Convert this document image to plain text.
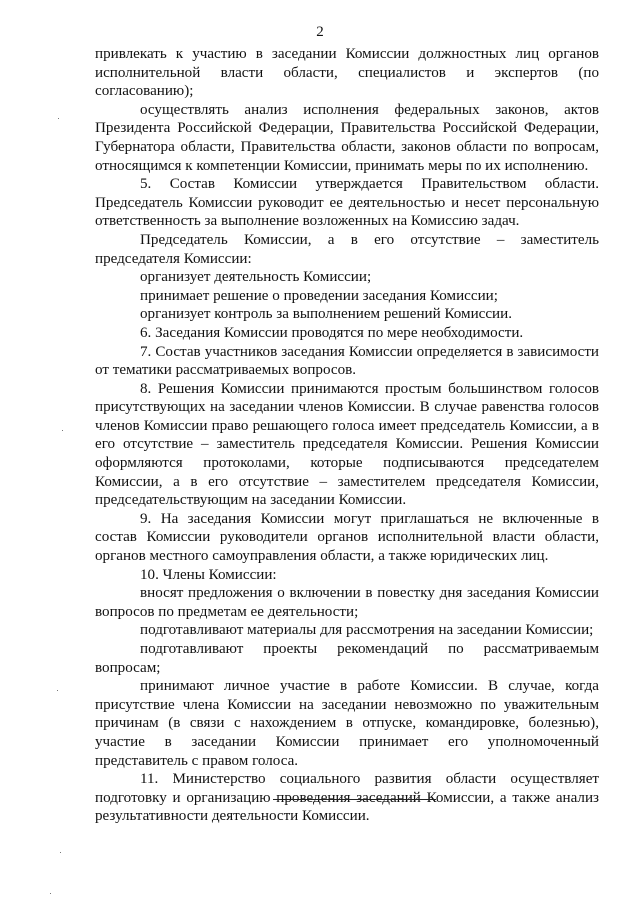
2

привлекать к участию в заседании Комиссии должностных лиц органов исполнительной власти области, специалистов и экспертов (по согласованию);

осуществлять анализ исполнения федеральных законов, актов Президента Российской Федерации, Правительства Российской Федерации, Губернатора области, Правительства области, законов области по вопросам, относящимся к компетенции Комиссии, принимать меры по их исполнению.

5. Состав Комиссии утверждается Правительством области. Председатель Комиссии руководит ее деятельностью и несет персональную ответственность за выполнение возложенных на Комиссию задач.

Председатель Комиссии, а в его отсутствие – заместитель председателя Комиссии:

организует деятельность Комиссии;

принимает решение о проведении заседания Комиссии;

организует контроль за выполнением решений Комиссии.

6. Заседания Комиссии проводятся по мере необходимости.

7. Состав участников заседания Комиссии определяется в зависимости от тематики рассматриваемых вопросов.

8. Решения Комиссии принимаются простым большинством голосов присутствующих на заседании членов Комиссии. В случае равенства голосов членов Комиссии право решающего голоса имеет председатель Комиссии, а в его отсутствие – заместитель председателя Комиссии. Решения Комиссии оформляются протоколами, которые подписываются председателем Комиссии, а в его отсутствие – заместителем председателя Комиссии, председательствующим на заседании Комиссии.

9. На заседания Комиссии могут приглашаться не включенные в состав Комиссии руководители органов исполнительной власти области, органов местного самоуправления области, а также юридических лиц.

10. Члены Комиссии:

вносят предложения о включении в повестку дня заседания Комиссии вопросов по предметам ее деятельности;

подготавливают материалы для рассмотрения на заседании Комиссии;

подготавливают проекты рекомендаций по рассматриваемым вопросам;

принимают личное участие в работе Комиссии. В случае, когда присутствие члена Комиссии на заседании невозможно по уважительным причинам (в связи с нахождением в отпуске, командировке, болезнью), участие в заседании Комиссии принимает его уполномоченный представитель с правом голоса.

11. Министерство социального развития области осуществляет подготовку и организацию проведения заседаний Комиссии, а также анализ результативности деятельности Комиссии.
